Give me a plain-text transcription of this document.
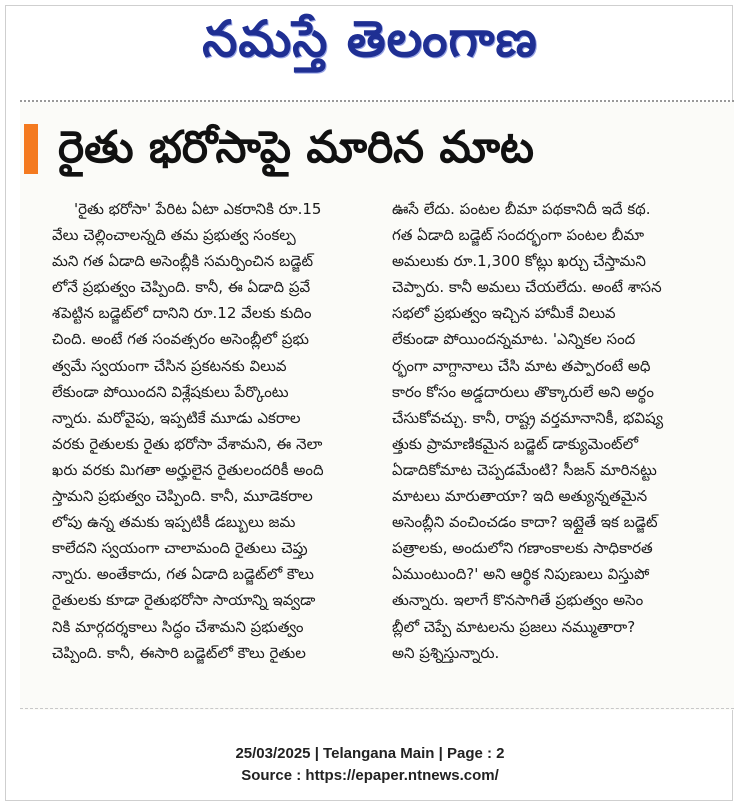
నమస్తే తెలంగాణ
రైతు భరోసాపై మారిన మాట
'రైతు భరోసా' పేరిట ఏటా ఎకరానికి రూ.15
వేలు చెల్లించాలన్నది తమ ప్రభుత్వ సంకల్ప
మని గత ఏడాది అసెంబ్లీకి సమర్పించిన బడ్జెట్
లోనే ప్రభుత్వం చెప్పింది. కానీ, ఈ ఏడాది ప్రవే
శపెట్టిన బడ్జెట్‌లో దానిని రూ.12 వేలకు కుదిం
చింది. అంటే గత సంవత్సరం అసెంబ్లీలో ప్రభు
త్వమే స్వయంగా చేసిన ప్రకటనకు విలువ
లేకుండా పోయిందని విశ్లేషకులు పేర్కొంటు
న్నారు. మరోవైపు, ఇప్పటికే మూడు ఎకరాల
వరకు రైతులకు రైతు భరోసా వేశామని, ఈ నెలా
ఖరు వరకు మిగతా అర్హులైన రైతులందరికీ అంది
స్తామని ప్రభుత్వం చెప్పింది. కానీ, మూడెకరాల
లోపు ఉన్న తమకు ఇప్పటికీ డబ్బులు జమ
కాలేదని స్వయంగా చాలామంది రైతులు చెప్తు
న్నారు. అంతేకాదు, గత ఏడాది బడ్జెట్‌లో కౌలు
రైతులకు కూడా రైతుభరోసా సాయాన్ని ఇవ్వడా
నికి మార్గదర్శకాలు సిద్ధం చేశామని ప్రభుత్వం
చెప్పింది. కానీ, ఈసారి బడ్జెట్‌లో కౌలు రైతుల
ఊసే లేదు. పంటల బీమా పథకానిదీ ఇదే కథ.
గత ఏడాది బడ్జెట్ సందర్భంగా పంటల బీమా
అమలుకు రూ.1,300 కోట్లు ఖర్చు చేస్తామని
చెప్పారు. కానీ అమలు చేయలేదు. అంటే శాసన
సభలో ప్రభుత్వం ఇచ్చిన హామీకే విలువ
లేకుండా పోయిందన్నమాట. 'ఎన్నికల సంద
ర్భంగా వాగ్దానాలు చేసి మాట తప్పారంటే అధి
కారం కోసం అడ్డదారులు తొక్కారులే అని అర్థం
చేసుకోవచ్చు. కానీ, రాష్ట్ర వర్తమానానికీ, భవిష్య
త్తుకు ప్రామాణికమైన బడ్జెట్ డాక్యుమెంట్‌లో
ఏడాదికోమాట చెప్పడమేంటి? సీజన్ మారినట్టు
మాటలు మారుతాయా? ఇది అత్యున్నతమైన
అసెంబ్లీని వంచించడం కాదా? ఇట్లైతే ఇక బడ్జెట్
పత్రాలకు, అందులోని గణాంకాలకు సాధికారత
ఏముంటుంది?' అని ఆర్థిక నిపుణులు విస్తుపో
తున్నారు. ఇలాగే కొనసాగితే ప్రభుత్వం అసెం
బ్లీలో చెప్పే మాటలను ప్రజలు నమ్ముతారా?
అని ప్రశ్నిస్తున్నారు.
25/03/2025 | Telangana Main | Page : 2
Source : https://epaper.ntnews.com/
